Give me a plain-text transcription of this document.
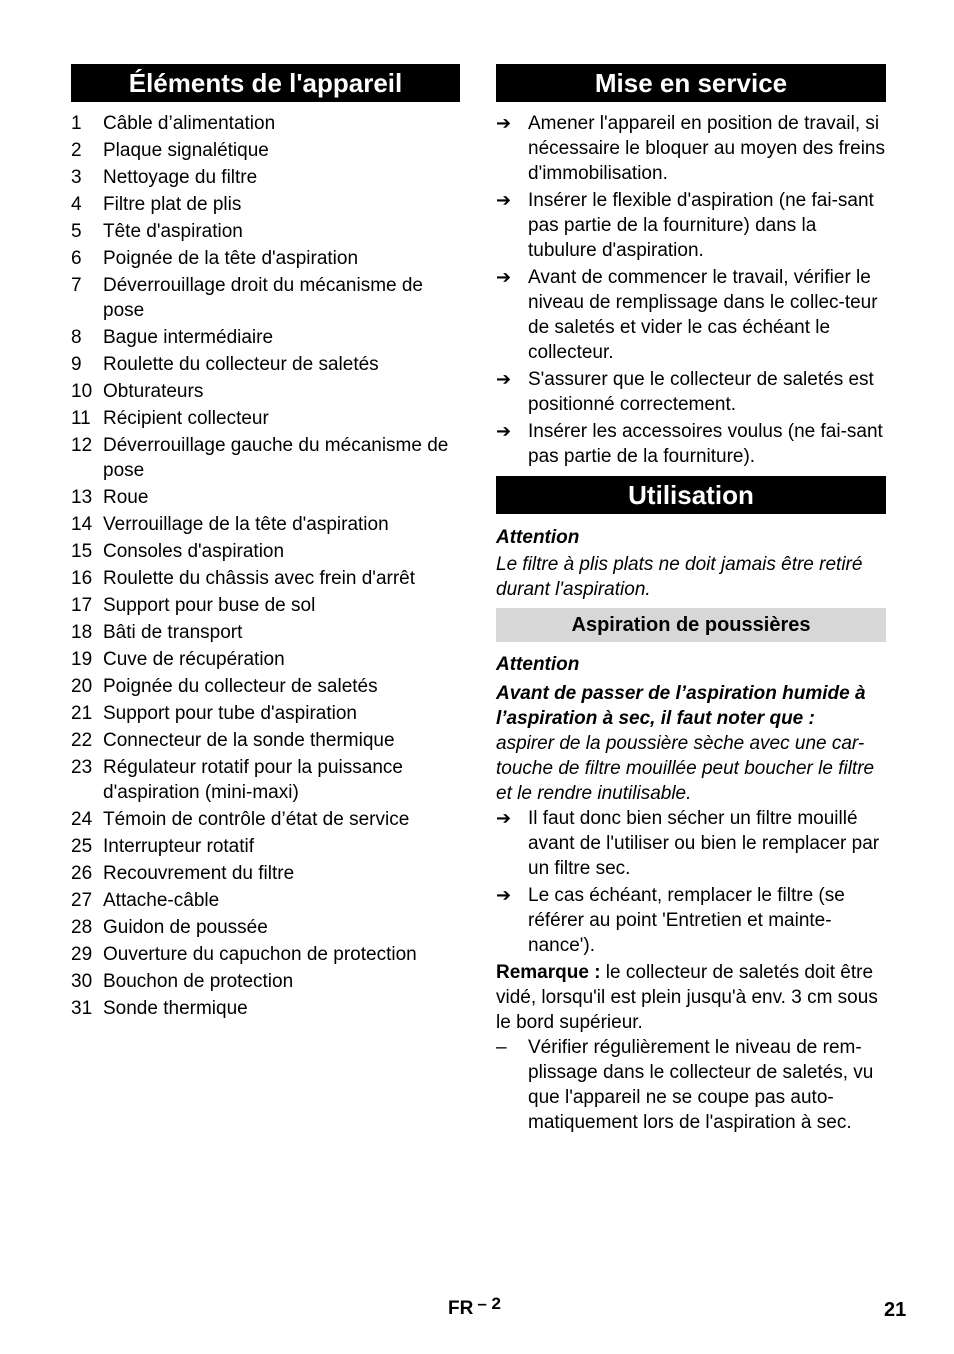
Éléments de l'appareil
1	Câble d’alimentation
2	Plaque signalétique
3	Nettoyage du filtre
4	Filtre plat de plis
5	Tête d'aspiration
6	Poignée de la tête d'aspiration
7	Déverrouillage droit du mécanisme de pose
8	Bague intermédiaire
9	Roulette du collecteur de saletés
10 Obturateurs
11 Récipient collecteur
12 Déverrouillage gauche du mécanisme de pose
13 Roue
14 Verrouillage de la tête d'aspiration
15 Consoles d'aspiration
16 Roulette du châssis avec frein d'arrêt
17 Support pour buse de sol
18 Bâti de transport
19 Cuve de récupération
20 Poignée du collecteur de saletés
21 Support pour tube d'aspiration
22 Connecteur de la sonde thermique
23 Régulateur rotatif pour la puissance d'aspiration (mini-maxi)
24 Témoin de contrôle d’état de service
25 Interrupteur rotatif
26 Recouvrement du filtre
27 Attache-câble
28 Guidon de poussée
29 Ouverture du capuchon de protection
30 Bouchon de protection
31 Sonde thermique
Mise en service
➔ Amener l'appareil en position de travail, si nécessaire le bloquer au moyen des freins d'immobilisation.
➔ Insérer le flexible d'aspiration (ne fai-sant pas partie de la fourniture) dans la tubulure d'aspiration.
➔ Avant de commencer le travail, vérifier le niveau de remplissage dans le collec-teur de saletés et vider le cas échéant le collecteur.
➔ S'assurer que le collecteur de saletés est positionné correctement.
➔ Insérer les accessoires voulus (ne fai-sant pas partie de la fourniture).
Utilisation
Attention

Le filtre à plis plats ne doit jamais être retiré durant l'aspiration.

Aspiration de poussières
Attention

Avant de passer de l’aspiration humide à l’aspiration à sec, il faut noter que :

aspirer de la poussière sèche avec une car-touche de filtre mouillée peut boucher le filtre et le rendre inutilisable.

➔ Il faut donc bien sécher un filtre mouillé avant de l'utiliser ou bien le remplacer par un filtre sec.
➔ Le cas échéant, remplacer le filtre (se référer au point 'Entretien et mainte-nance').

Remarque : le collecteur de saletés doit être vidé, lorsqu'il est plein jusqu'à env. 3 cm sous le bord supérieur.

–	Vérifier régulièrement le niveau de rem-plissage dans le collecteur de saletés, vu que l'appareil ne se coupe pas auto-matiquement lors de l'aspiration à sec.
FR – 2	21
